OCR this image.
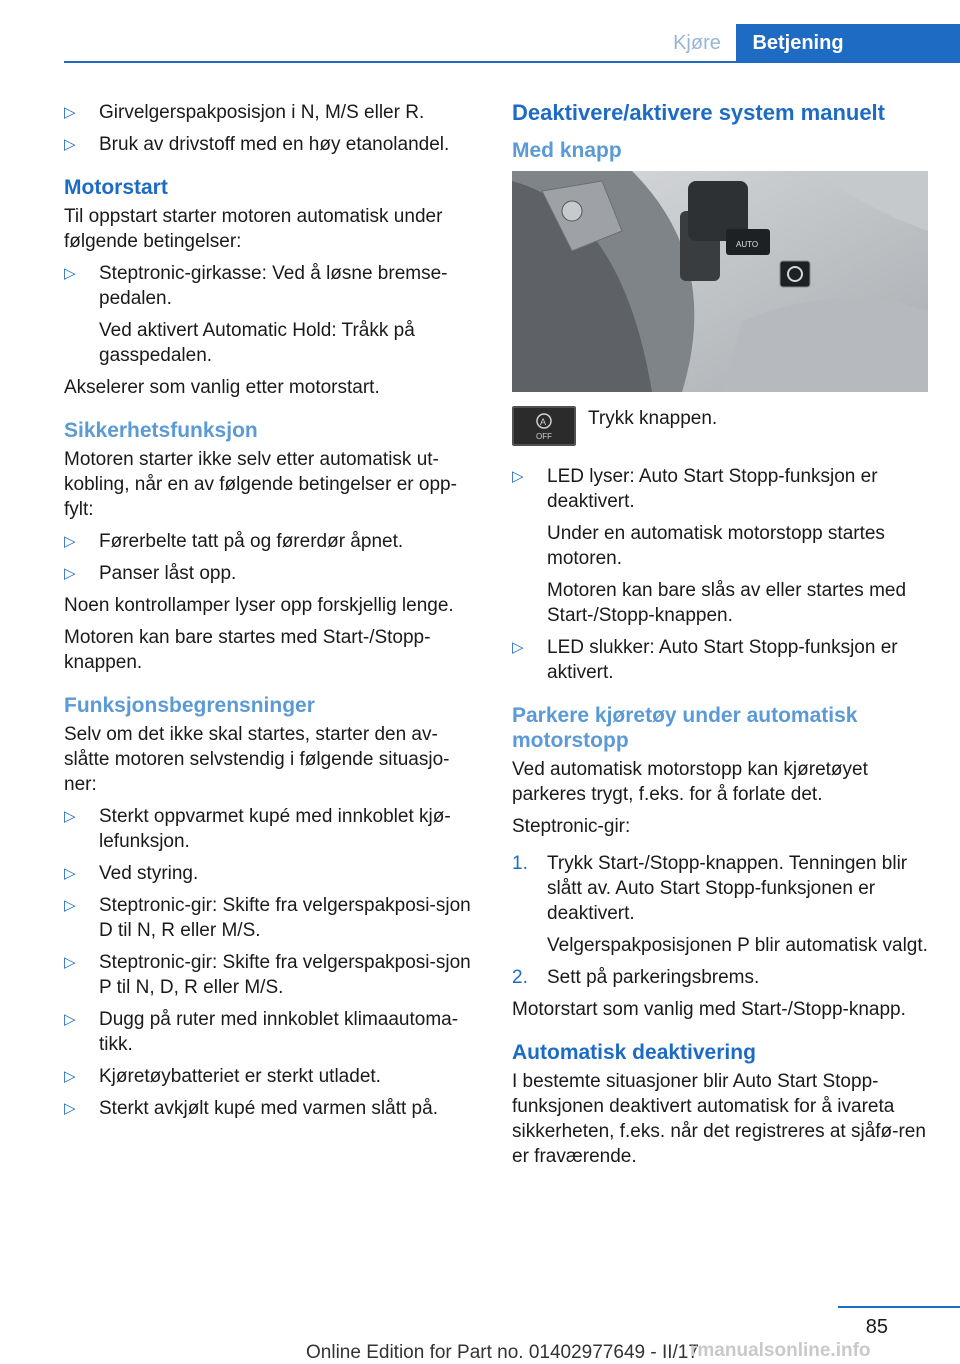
Kjøre	Betjening
▷ Girvelgerspakposisjon i N, M/S eller R.
▷ Bruk av drivstoff med en høy etanolandel.
Motorstart
Til oppstart starter motoren automatisk under følgende betingelser:
▷ Steptronic-girkasse: Ved å løsne bremse-pedalen.
Ved aktivert Automatic Hold: Tråkk på gasspedalen.
Akselerer som vanlig etter motorstart.
Sikkerhetsfunksjon
Motoren starter ikke selv etter automatisk ut-kobling, når en av følgende betingelser er opp-fylt:
▷ Førerbelte tatt på og førerdør åpnet.
▷ Panser låst opp.
Noen kontrollamper lyser opp forskjellig lenge.
Motoren kan bare startes med Start-/Stopp-knappen.
Funksjonsbegrensninger
Selv om det ikke skal startes, starter den av-slåtte motoren selvstendig i følgende situasjo-ner:
▷ Sterkt oppvarmet kupé med innkoblet kjø-lefunksjon.
▷ Ved styring.
▷ Steptronic-gir: Skifte fra velgerspakposi-sjon D til N, R eller M/S.
▷ Steptronic-gir: Skifte fra velgerspakposi-sjon P til N, D, R eller M/S.
▷ Dugg på ruter med innkoblet klimaautoma-tikk.
▷ Kjøretøybatteriet er sterkt utladet.
▷ Sterkt avkjølt kupé med varmen slått på.
Deaktivere/aktivere system manuelt
Med knapp
AUTO
A
OFF
Trykk knappen.
▷ LED lyser: Auto Start Stopp-funksjon er deaktivert.
Under en automatisk motorstopp startes motoren.
Motoren kan bare slås av eller startes med Start-/Stopp-knappen.
▷ LED slukker: Auto Start Stopp-funksjon er aktivert.
Parkere kjøretøy under automatisk motorstopp
Ved automatisk motorstopp kan kjøretøyet parkeres trygt, f.eks. for å forlate det.
Steptronic-gir:
1. Trykk Start-/Stopp-knappen. Tenningen blir slått av. Auto Start Stopp-funksjonen er deaktivert.
Velgerspakposisjonen P blir automatisk valgt.
2. Sett på parkeringsbrems.
Motorstart som vanlig med Start-/Stopp-knapp.
Automatisk deaktivering
I bestemte situasjoner blir Auto Start Stopp-funksjonen deaktivert automatisk for å ivareta sikkerheten, f.eks. når det registreres at sjåfø-ren er fraværende.
85
Online Edition for Part no. 01402977649 - II/17
rmanualsonline.info
